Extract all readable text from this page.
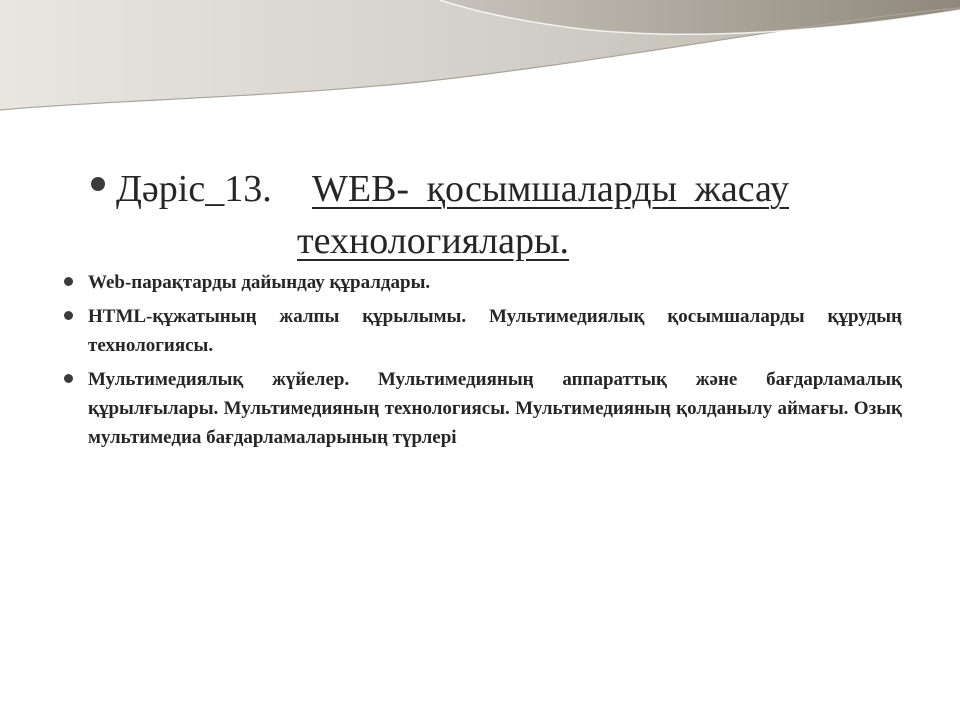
Дәріс_13. WEB- қосымшаларды жасау
технологиялары.
Web-парақтарды дайындау құралдары.
HTML-құжатының жалпы құрылымы. Мультимедиялық қосымшаларды құрудың технологиясы.
Мультимедиялық жүйелер. Мультимедияның аппараттық және бағдарламалық құрылғылары. Мультимедияның технологиясы. Мультимедияның қолданылу аймағы. Озық мультимедиа бағдарламаларының түрлері
